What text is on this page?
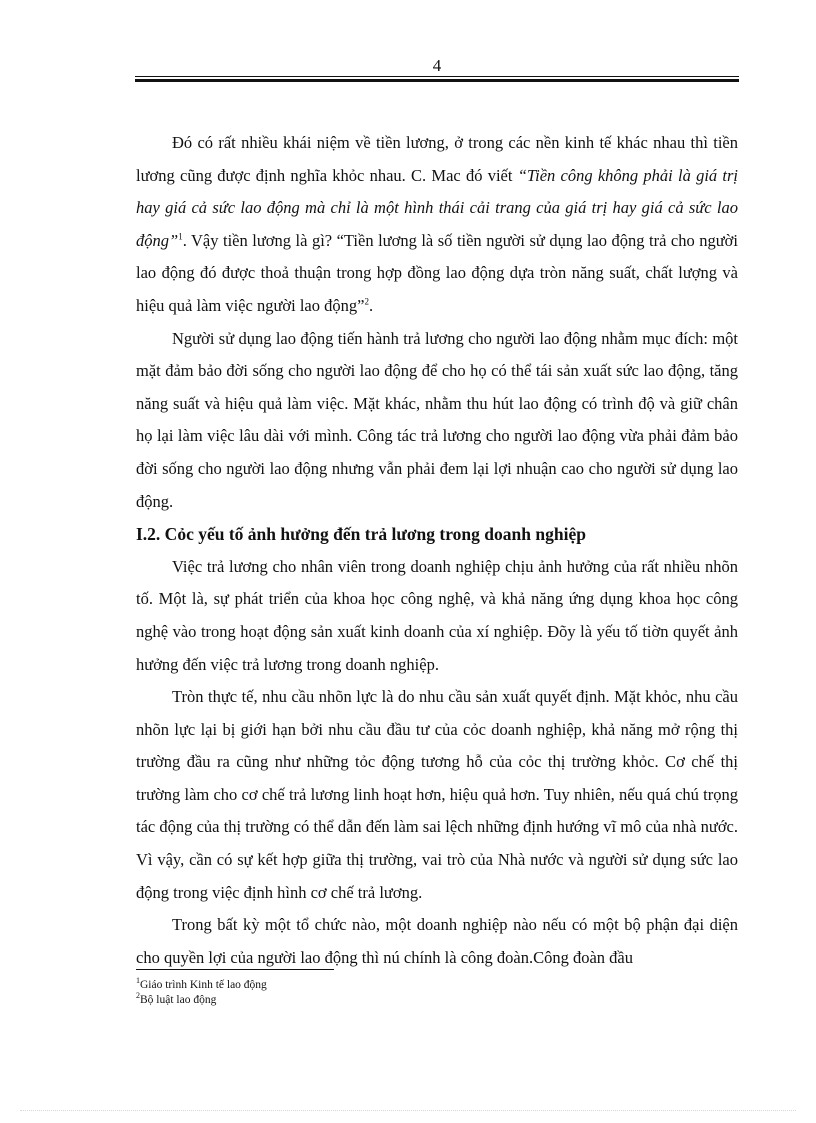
4

Đó có rất nhiều khái niệm về tiền lương, ở trong các nền kinh tế khác nhau thì tiền lương cũng được định nghĩa khỏc nhau. C. Mac đó viết “Tiền công không phải là giá trị hay giá cả sức lao động mà chỉ là một hình thái cải trang của giá trị hay giá cả sức lao động”$^1$. Vậy tiền lương là gì? “Tiền lương là số tiền người sử dụng lao động trả cho người lao động đó được thoả thuận trong hợp đồng lao động dựa tròn năng suất, chất lượng và hiệu quả làm việc người lao động”$^2$.

Người sử dụng lao động tiến hành trả lương cho người lao động nhằm mục đích: một mặt đảm bảo đời sống cho người lao động để cho họ có thể tái sản xuất sức lao động, tăng năng suất và hiệu quả làm việc. Mặt khác, nhằm thu hút lao động có trình độ và giữ chân họ lại làm việc lâu dài với mình. Công tác trả lương cho người lao động vừa phải đảm bảo đời sống cho người lao động nhưng vẫn phải đem lại lợi nhuận cao cho người sử dụng lao động.

I.2. Cỏc yếu tố ảnh hưởng đến trả lương trong doanh nghiệp

Việc trả lương cho nhân viên trong doanh nghiệp chịu ảnh hưởng của rất nhiều nhõn tố. Một là, sự phát triển của khoa học công nghệ, và khả năng ứng dụng khoa học công nghệ vào trong hoạt động sản xuất kinh doanh của xí nghiệp. Đõy là yếu tố tiờn quyết ảnh hưởng đến việc trả lương trong doanh nghiệp.

Tròn thực tế, nhu cầu nhõn lực là do nhu cầu sản xuất quyết định. Mặt khỏc, nhu cầu nhõn lực lại bị giới hạn bởi nhu cầu đầu tư của cỏc doanh nghiệp, khả năng mở rộng thị trường đầu ra cũng như những tỏc động tương hỗ của cỏc thị trường khỏc. Cơ chế thị trường làm cho cơ chế trả lương linh hoạt hơn, hiệu quả hơn. Tuy nhiên, nếu quá chú trọng tác động của thị trường có thể dẫn đến làm sai lệch những định hướng vĩ mô của nhà nước. Vì vậy, cần có sự kết hợp giữa thị trường, vai trò của Nhà nước và người sử dụng sức lao động trong việc định hình cơ chế trả lương.

Trong bất kỳ một tổ chức nào, một doanh nghiệp nào nếu có một bộ phận đại diện cho quyền lợi của người lao động thì nú chính là công đoàn.Công đoàn đầu

$^1$Giáo trình Kinh tế lao động

$^2$Bộ luật lao động
